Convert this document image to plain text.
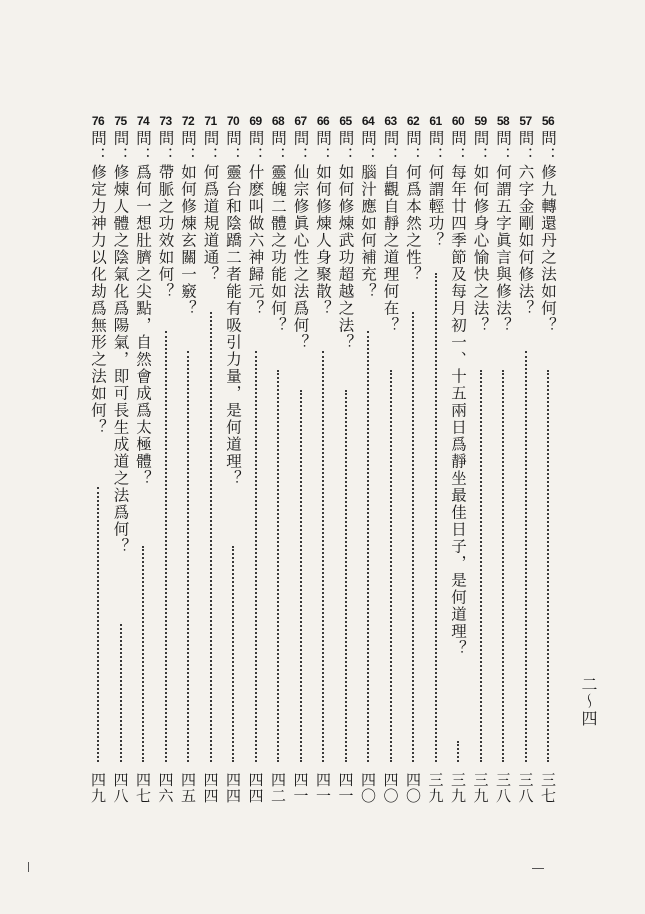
56
問：修九轉還丹之法如何？
三七
57
問：六字金剛如何修法？
三八
58
問：何謂五字眞言與修法？
三八
59
問：如何修身心愉快之法？
三九
60
問：每年廿四季節及每月初一、十五兩日爲靜坐最佳日子，是何道理？
三九
61
問：何謂輕功？
三九
62
問：何爲本然之性？
四〇
63
問：自觀自靜之道理何在？
四〇
64
問：腦汁應如何補充？
四〇
65
問：如何修煉武功超越之法？
四一
66
問：如何修煉人身聚散？
四一
67
問：仙宗修眞心性之法爲何？
四一
68
問：靈魄二體之功能如何？
四二
69
問：什麽叫做六神歸元？
四四
70
問：靈台和陰蹻二者能有吸引力量，是何道理？
四四
71
問：何爲道規道通？
四四
72
問：如何修煉玄關一竅？
四五
73
問：帶脈之功效如何？
四六
74
問：爲何一想肚臍之尖點，自然會成爲太極體？
四七
75
問：修煉人體之陰氣化爲陽氣，即可長生成道之法爲何？
四八
76
問：修定力神力以化劫爲無形之法如何？
四九
二〜四
